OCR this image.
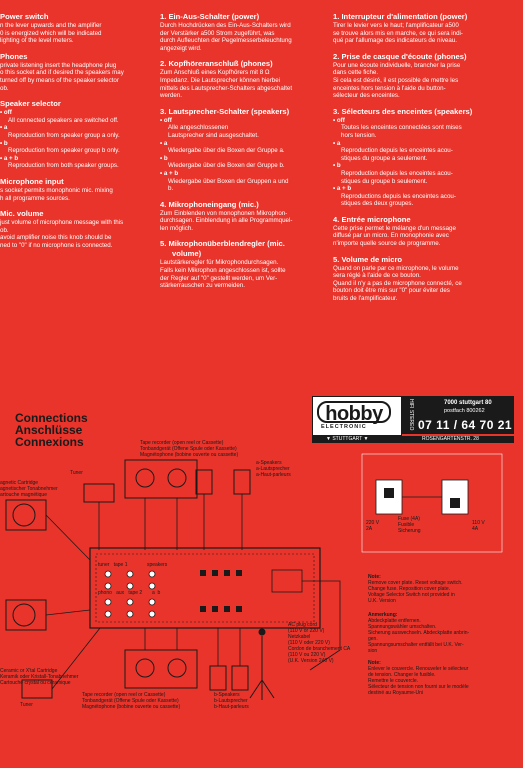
Power switch

n the lever upwards and the amplifier

0 is energized which will be indicated

lighting of the level meters.

Phones

private listening insert the headphone plug

o this socket and if desired the speakers may

turned off by means of the speaker selector

ob.

Speaker selector

• off

All connected speakers are switched off.

• a

Reproduction from speaker group a only.

• b

Reproduction from speaker group b only.

• a + b

Reproduction from both speaker groups.

Microphone input

s socket permits monophonic mic. mixing

h all programme sources.

Mic. volume

just volume of microphone message with this

ob.

avoid amplifier noise this knob should be

ned to "0" if no microphone is connected.

1. Ein-Aus-Schalter (power)

Durch Hochdrücken des Ein-Aus-Schalters wird

der Verstärker a500 Strom zugeführt, was

durch Aufleuchten der Pegelmesserbeleuchtung

angezeigt wird.

2. Kopfhöreranschluß (phones)

Zum Anschluß eines Kopfhörers mit 8 Ω

Impedanz. Die Lautsprecher können hierbei

mittels des Lautsprecher-Schalters abgeschaltet

werden.

3. Lautsprecher-Schalter (speakers)

• off

Alle angeschlossenen

Lautsprecher sind ausgeschaltet.

• a

Wiedergabe über die Boxen der Gruppe a.

• b

Wiedergabe über die Boxen der Gruppe b.

• a + b

Wiedergabe über Boxen der Gruppen a und

b.

4. Mikrophoneingang (mic.)

Zum Einblenden von monophonen Mikrophon-

durchsagen. Einblendung in alle Programmquel-

len möglich.

5. Mikrophonüberblendregler (mic.
volume)

Lautstärkeregler für Mikrophondurchsagen.

Falls kein Mikrophon angeschlossen ist, sollte

der Regler auf "0" gestellt werden, um Ver-

stärkerrauschen zu vermeiden.

1. Interrupteur d'alimentation (power)

Tirer le levier vers le haut; l'amplificateur a500

se trouve alors mis en marche, ce qui sera indi-

qué par l'allumage des indicateurs de niveau.

2. Prise de casque d'écoute (phones)

Pour une écoute individuelle, brancher la prise

dans cette fiche.

Si cela est désiré, il est possible de mettre les

enceintes hors tension à l'aide du button-

sélecteur des enceintes.

3. Sélecteurs des enceintes (speakers)

• off

Toutes les enceintes connectées sont mises

hors tension.

• a

Reproduction depuis les enceintes acou-

stiques du groupe a seulement.

• b

Reproduction depuis les enceintes acou-

stiques du groupe b seulement.

• a + b

Reproductions depuis les enceintes acou-

stiques des deux groupes.

4. Entrée microphone

Cette prise permet le mélange d'un message

diffusé par un micro. En monophonie avec

n'importe quelle source de programme.

5. Volume de micro

Quand on parle par ce microphone, le volume

sera réglé à l'aide de ce bouton.

Quand il n'y a pas de microphone connecté, ce

bouton doit être mis sur "0" pour éviter des

bruits de l'amplificateur.

Connections
Anschlüsse
Connexions
hobby
ELECTRONIC	HIFI STEREO	7000 stuttgart 80
postfach 800262
07 11 / 64 70 21
▼ STUTTGART ▼	ROSENGARTENSTR. 28
Tape recorder (open reel or Cassette)
Tonbandgerät (Offene Spule oder Kassette)
Magnétophone (bobine ouverte ou cassette)
Tuner
a-Speakers
a-Lautsprecher
a-Haut-parleurs
agnetic Cartridge
agnetischer Tonabnehmer
artouche magnétique
tuner tape 1	speakers
phono aux tape 2 a b
Ceramic or X'tal Cartridge
Keramik oder Kristall-Tonabnehmer
Cartouche crystal ou céramique
Tuner
Tape recorder (open reel or Cassette)
Tonbandgerät (Offene Spule oder Kassette)
Magnétophone (bobine ouverte ou cassette)
b-Speakers
b-Lautsprecher
b-Haut-parleurs
AC plug cord
(110 V or 220 V)
Netzkabel
(110 V oder 220 V)
Cordon de branchement CA
(110 V ou 220 V)
(U.K. Version 240 V)
Fuse (4A)
Fusible
Sicherung
220 V
2A
110 V
4A
Note:
Remove cover plate. Reset voltage switch.
Change fuse. Reposition cover plate.
Voltage Selector Switch not provided in
U.K. Version
Anmerkung:
Abdeckplatte entfernen.
Spannungswähler umschalten.
Sicherung auswechseln. Abdeckplatte anbrin-
gen.
Spannungsumschalter entfällt bei U.K. Ver-
sion
Note:
Enlever le couvercle. Renouveler le sélecteur
de tension. Changer le fusible.
Remettre le couvercle.
Sélecteur de tension non fourni sur le modèle
destiné au Royaume-Uni
